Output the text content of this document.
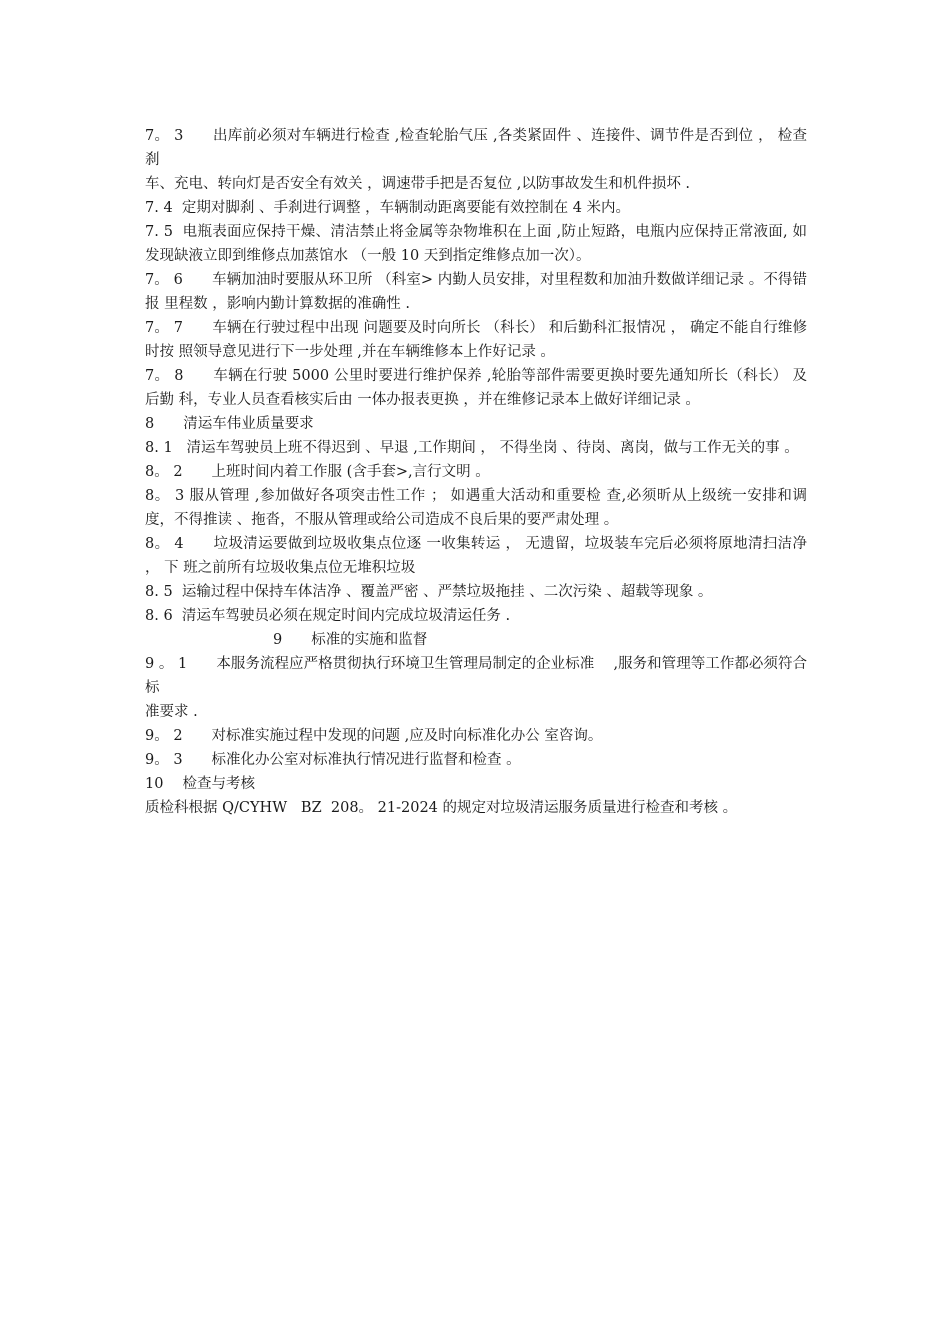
7。 3　　出库前必须对车辆进行检查 ,检查轮胎气压 ,各类紧固件 、连接件、调节件是否到位 ， 检查刹

车、充电、转向灯是否安全有效关 ，调速带手把是否复位 ,以防事故发生和机件损坏 .

7. 4  定期对脚刹 、手刹进行调整 ，车辆制动距离要能有效控制在 4 米内。

7. 5  电瓶表面应保持干燥、清洁禁止将金属等杂物堆积在上面 ,防止短路，电瓶内应保持正常液面, 如发现缺液立即到维修点加蒸馆水 （一般 10 天到指定维修点加一次）。

7。 6　　车辆加油时要服从环卫所 （科室> 内勤人员安排，对里程数和加油升数做详细记录 。不得错报 里程数 ，影响内勤计算数据的准确性 .

7。 7　　车辆在行驶过程中出现 问题要及时向所长 （科长） 和后勤科汇报情况 ， 确定不能自行维修时按 照领导意见进行下一步处理 ,并在车辆维修本上作好记录 。

7。 8　　车辆在行驶 5000 公里时要进行维护保养 ,轮胎等部件需要更换时要先通知所长（科长） 及后勤 科，专业人员查看核实后由 一体办报表更换 ，并在维修记录本上做好详细记录 。

8　　清运车伟业质量要求

8. 1   清运车驾驶员上班不得迟到 、早退 ,工作期间 ， 不得坐岗 、待岗、离岗，做与工作无关的事 。

8。 2　　上班时间内着工作服 (含手套>,言行文明 。

8。 3 服从管理 ,参加做好各项突击性工作 ； 如遇重大活动和重要检 查,必须昕从上级统一安排和调 度，不得推读 、拖沓，不服从管理或给公司造成不良后果的要严肃处理 。

8。 4　　垃圾清运要做到垃圾收集点位逐 一收集转运 ， 无遗留，垃圾装车完后必须将原地清扫洁净 ， 下 班之前所有垃圾收集点位无堆积垃圾

8. 5  运输过程中保持车体洁净 、覆盖严密 、严禁垃圾拖挂 、二次污染 、超载等现象 。

8. 6  清运车驾驶员必须在规定时间内完成垃圾清运任务 .

9　　标准的实施和监督

9 。 1　　本服务流程应严格贯彻执行环境卫生管理局制定的企业标准　 ,服务和管理等工作都必须符合标

准要求 .

9。 2　　对标准实施过程中发现的问题 ,应及时向标准化办公 室咨询。

9。 3　　标准化办公室对标准执行情况进行监督和检查 。

10　 检查与考核

质检科根据 Q/CYHW   BZ  208。 21-2024 的规定对垃圾清运服务质量进行检查和考核 。
